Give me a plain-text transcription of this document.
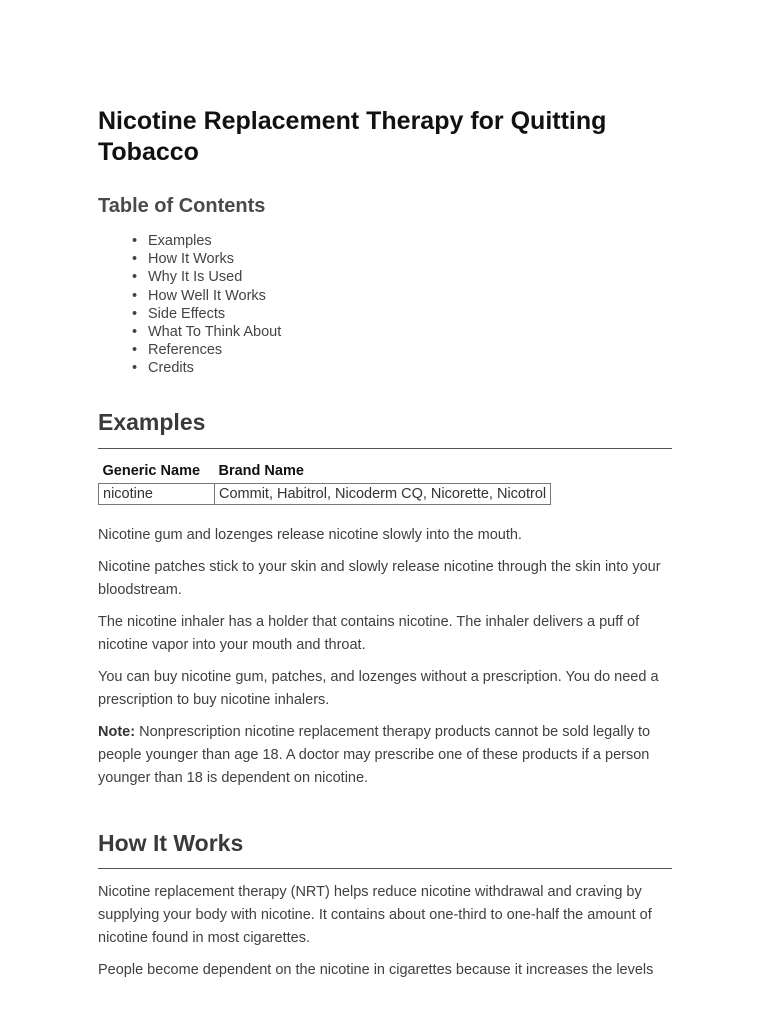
Nicotine Replacement Therapy for Quitting Tobacco
Table of Contents
• Examples
• How It Works
• Why It Is Used
• How Well It Works
• Side Effects
• What To Think About
• References
• Credits
Examples
Generic Name	Brand Name
nicotine	Commit, Habitrol, Nicoderm CQ, Nicorette, Nicotrol

Nicotine gum and lozenges release nicotine slowly into the mouth.

Nicotine patches stick to your skin and slowly release nicotine through the skin into your bloodstream.

The nicotine inhaler has a holder that contains nicotine. The inhaler delivers a puff of nicotine vapor into your mouth and throat.

You can buy nicotine gum, patches, and lozenges without a prescription. You do need a prescription to buy nicotine inhalers.

Note: Nonprescription nicotine replacement therapy products cannot be sold legally to people younger than age 18. A doctor may prescribe one of these products if a person younger than 18 is dependent on nicotine.

How It Works

Nicotine replacement therapy (NRT) helps reduce nicotine withdrawal and craving by supplying your body with nicotine. It contains about one-third to one-half the amount of nicotine found in most cigarettes.

People become dependent on the nicotine in cigarettes because it increases the levels
